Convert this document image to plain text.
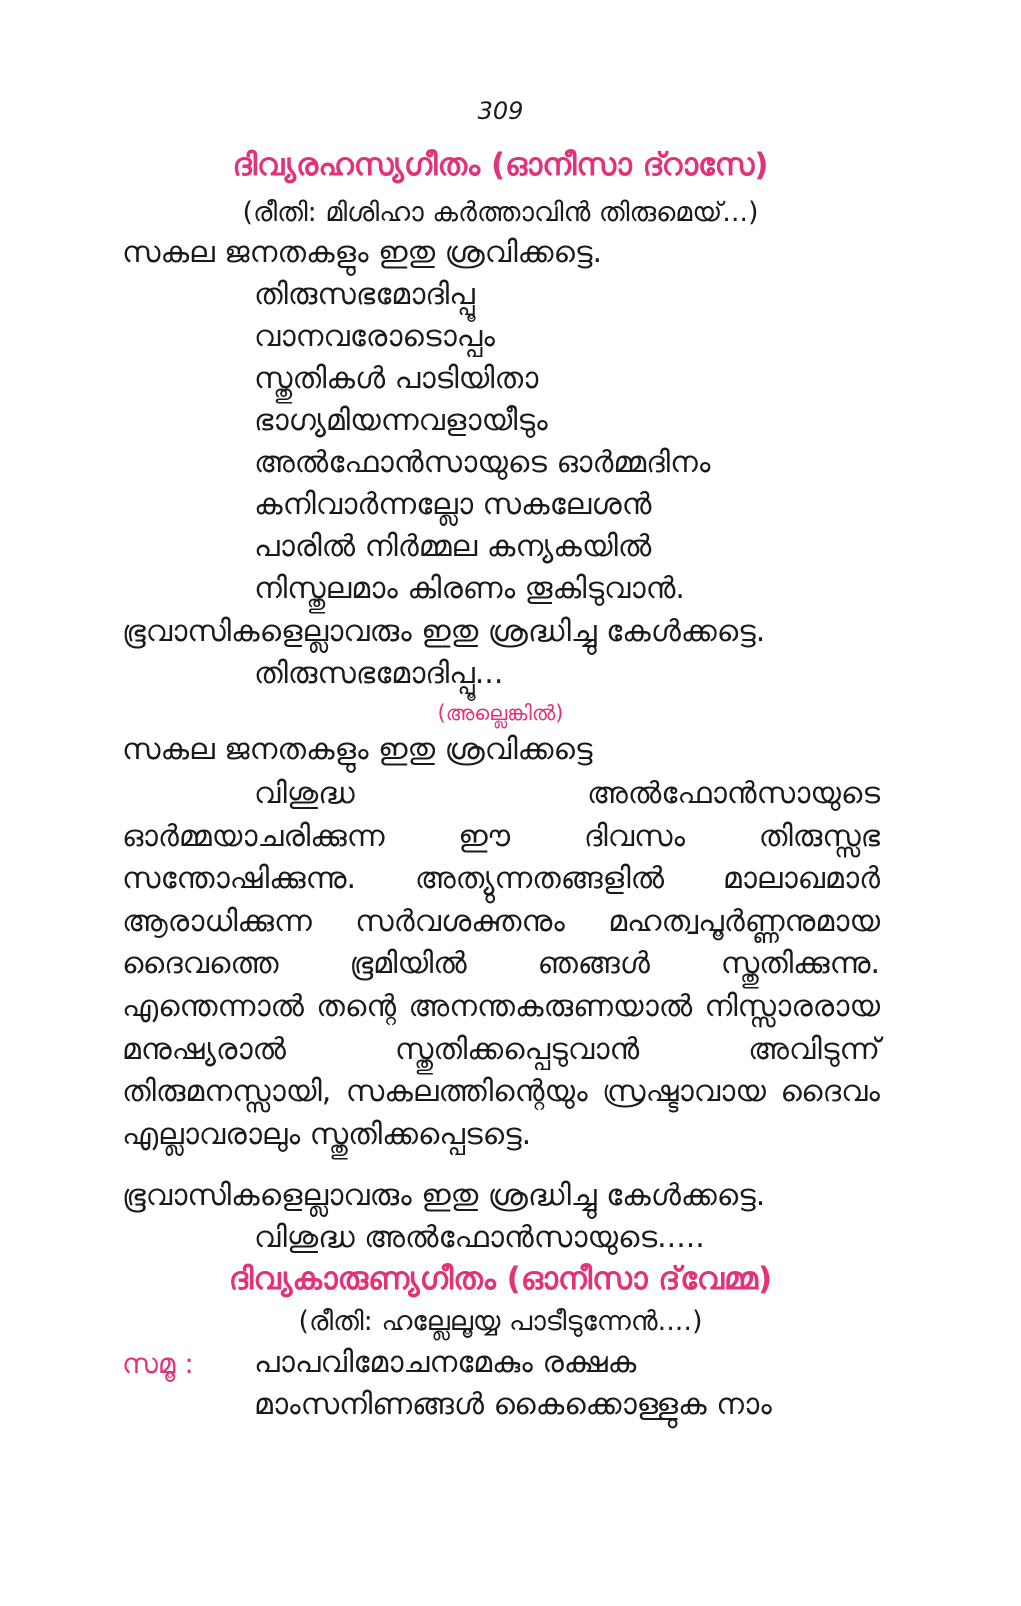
309
ദിവ്യരഹസ്യഗീതം (ഓനീസാ ദ്റാസേ)
(രീതി: മിശിഹാ കർത്താവിൻ തിരുമെയ്...)
സകല ജനതകളും ഇതു ശ്രവിക്കട്ടെ.
തിരുസഭമോദിപ്പൂ
വാനവരോടൊപ്പം
സ്തുതികൾ പാടിയിതാ
ഭാഗ്യമിയന്നവളായീടും
അൽഫോൻസായുടെ ഓർമ്മദിനം
കനിവാർന്നല്ലോ സകലേശൻ
പാരിൽ നിർമ്മല കന്യകയിൽ
നിസ്തുലമാം കിരണം തൂകിടുവാൻ.
ഭൂവാസികളെല്ലാവരും ഇതു ശ്രദ്ധിച്ചു കേൾക്കട്ടെ.
തിരുസഭമോദിപ്പൂ...
(അല്ലെങ്കിൽ)
സകല ജനതകളും ഇതു ശ്രവിക്കട്ടെ
വിശുദ്ധ അൽഫോൻസായുടെ ഓർമ്മയാചരിക്കുന്ന ഈ ദിവസം തിരുസ്സഭ സന്തോഷിക്കുന്നു. അത്യുന്നതങ്ങളിൽ മാലാഖമാർ ആരാധിക്കുന്ന സർവശക്തനും മഹത്വപൂർണ്ണനുമായ ദൈവത്തെ ഭൂമിയിൽ ഞങ്ങൾ സ്തുതിക്കുന്നു. എന്തെന്നാൽ തന്റെ അനന്തകരുണയാൽ നിസ്സാരരായ മനുഷ്യരാൽ സ്തുതിക്കപ്പെടുവാൻ അവിടുന്ന് തിരുമനസ്സായി, സകലത്തിന്റെയും സ്രഷ്ടാവായ ദൈവം എല്ലാവരാലും സ്തുതിക്കപ്പെടട്ടെ.
ഭൂവാസികളെല്ലാവരും ഇതു ശ്രദ്ധിച്ചു കേൾക്കട്ടെ.
വിശുദ്ധ അൽഫോൻസായുടെ.....
ദിവ്യകാരുണ്യഗീതം (ഓനീസാ ദ്‌വേമ്മ)
(രീതി: ഹല്ലേലൂയ്യ പാടീടുന്നേൻ....)
സമൂ : പാപവിമോചനമേകും രക്ഷക
മാംസനിണങ്ങൾ കൈക്കൊള്ളുക നാം
